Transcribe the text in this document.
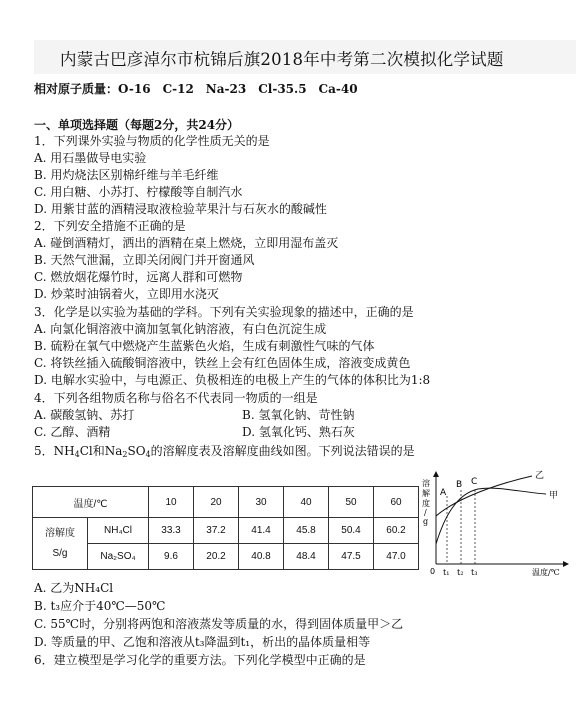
内蒙古巴彦淖尔市杭锦后旗2018年中考第二次模拟化学试题
相对原子质量：O-16　C-12　Na-23　Cl-35.5　Ca-40
一、单项选择题（每题2分，共24分）
1．下列课外实验与物质的化学性质无关的是
A. 用石墨做导电实验
B. 用灼烧法区别棉纤维与羊毛纤维
C. 用白糖、小苏打、柠檬酸等自制汽水
D. 用紫甘蓝的酒精浸取液检验苹果汁与石灰水的酸碱性
2．下列安全措施不正确的是
A. 碰倒酒精灯，洒出的酒精在桌上燃烧，立即用湿布盖灭
B. 天然气泄漏，立即关闭阀门并开窗通风
C. 燃放烟花爆竹时，远离人群和可燃物
D. 炒菜时油锅着火，立即用水浇灭
3．化学是以实验为基础的学科。下列有关实验现象的描述中，正确的是
A. 向氯化铜溶液中滴加氢氧化钠溶液，有白色沉淀生成
B. 硫粉在氧气中燃烧产生蓝紫色火焰，生成有刺激性气味的气体
C. 将铁丝插入硫酸铜溶液中，铁丝上会有红色固体生成，溶液变成黄色
D. 电解水实验中，与电源正、负极相连的电极上产生的气体的体积比为1:8
4．下列各组物质名称与俗名不代表同一物质的一组是
A. 碳酸氢钠、苏打	B. 氢氧化钠、苛性钠
C. 乙醇、酒精	D. 氢氧化钙、熟石灰
5．$NH_4Cl$和$Na_2SO_4$的溶解度表及溶解度曲线如图。下列说法错误的是
温度/℃		10	20	30	40	50	60
溶解度
S/g	NH₄Cl	33.3	37.2	41.4	45.8	50.4	60.2
	Na₂SO₄	9.6	20.2	40.8	48.4	47.5	47.0
A
B C
乙
甲
溶
解
度
/
g
0 t₁ t₂ t₃	温度/℃
A. 乙为NH₄Cl
B. t₃应介于40℃—50℃
C. 55℃时，分别将两饱和溶液蒸发等质量的水，得到固体质量甲＞乙
D. 等质量的甲、乙饱和溶液从t₃降温到t₁，析出的晶体质量相等
6．建立模型是学习化学的重要方法。下列化学模型中正确的是
